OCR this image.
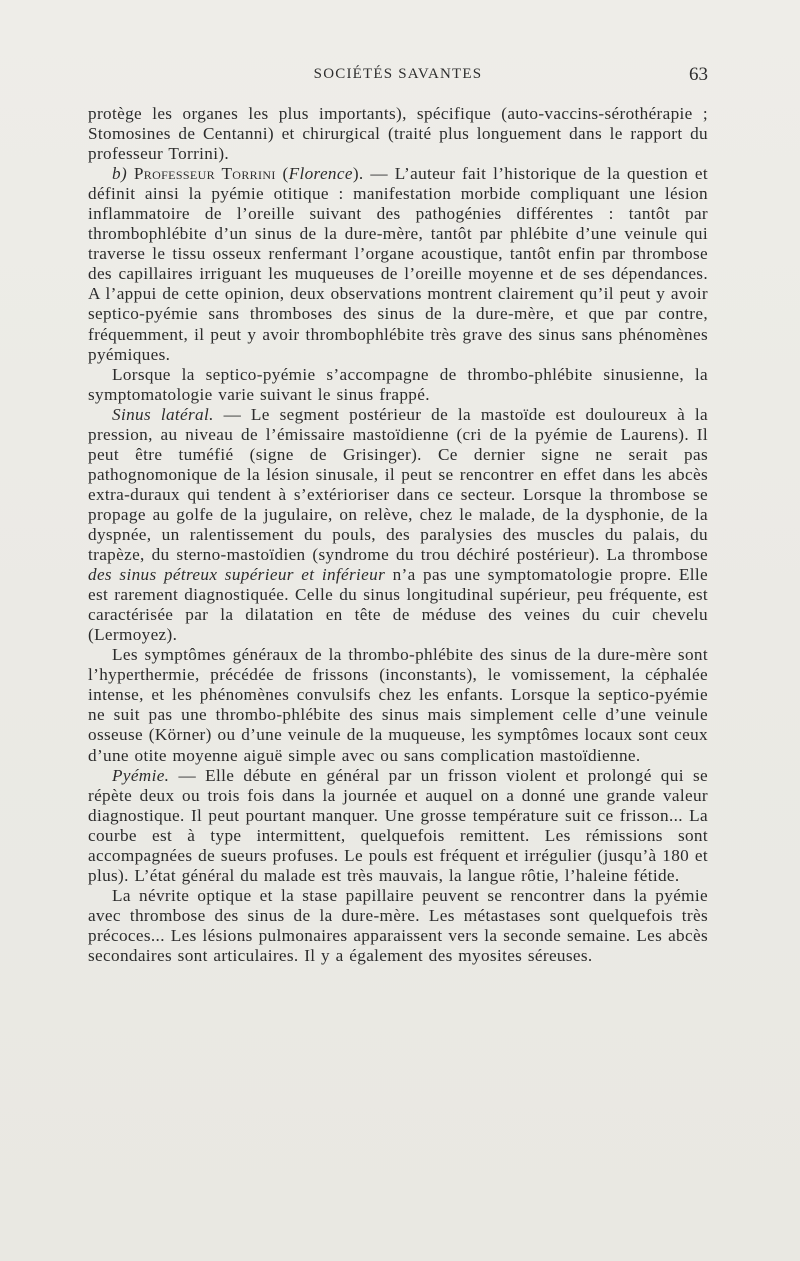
SOCIÉTÉS SAVANTES	63

protège les organes les plus importants), spécifique (auto-vaccins-sérothérapie ; Stomosines de Centanni) et chirurgical (traité plus longuement dans le rapport du professeur Torrini).

b) Professeur Torrini (Florence). — L’auteur fait l’historique de la question et définit ainsi la pyémie otitique : manifestation morbide compliquant une lésion inflammatoire de l’oreille suivant des pathogénies différentes : tantôt par thrombophlébite d’un sinus de la dure-mère, tantôt par phlébite d’une veinule qui traverse le tissu osseux renfermant l’organe acoustique, tantôt enfin par thrombose des capillaires irriguant les muqueuses de l’oreille moyenne et de ses dépendances. A l’appui de cette opinion, deux observations montrent clairement qu’il peut y avoir septico-pyémie sans thromboses des sinus de la dure-mère, et que par contre, fréquemment, il peut y avoir thrombophlébite très grave des sinus sans phénomènes pyémiques.

Lorsque la septico-pyémie s’accompagne de thrombo-phlébite sinusienne, la symptomatologie varie suivant le sinus frappé.

Sinus latéral. — Le segment postérieur de la mastoïde est douloureux à la pression, au niveau de l’émissaire mastoïdienne (cri de la pyémie de Laurens). Il peut être tuméfié (signe de Grisinger). Ce dernier signe ne serait pas pathognomonique de la lésion sinusale, il peut se rencontrer en effet dans les abcès extra-duraux qui tendent à s’extérioriser dans ce secteur. Lorsque la thrombose se propage au golfe de la jugulaire, on relève, chez le malade, de la dysphonie, de la dyspnée, un ralentissement du pouls, des paralysies des muscles du palais, du trapèze, du sterno-mastoïdien (syndrome du trou déchiré postérieur). La thrombose des sinus pétreux supérieur et inférieur n’a pas une symptomatologie propre. Elle est rarement diagnostiquée. Celle du sinus longitudinal supérieur, peu fréquente, est caractérisée par la dilatation en tête de méduse des veines du cuir chevelu (Lermoyez).

Les symptômes généraux de la thrombo-phlébite des sinus de la dure-mère sont l’hyperthermie, précédée de frissons (inconstants), le vomissement, la céphalée intense, et les phénomènes convulsifs chez les enfants. Lorsque la septico-pyémie ne suit pas une thrombo-phlébite des sinus mais simplement celle d’une veinule osseuse (Körner) ou d’une veinule de la muqueuse, les symptômes locaux sont ceux d’une otite moyenne aiguë simple avec ou sans complication mastoïdienne.

Pyémie. — Elle débute en général par un frisson violent et prolongé qui se répète deux ou trois fois dans la journée et auquel on a donné une grande valeur diagnostique. Il peut pourtant manquer. Une grosse température suit ce frisson... La courbe est à type intermittent, quelquefois remittent. Les rémissions sont accompagnées de sueurs profuses. Le pouls est fréquent et irrégulier (jusqu’à 180 et plus). L’état général du malade est très mauvais, la langue rôtie, l’haleine fétide.

La névrite optique et la stase papillaire peuvent se rencontrer dans la pyémie avec thrombose des sinus de la dure-mère. Les métastases sont quelquefois très précoces... Les lésions pulmonaires apparaissent vers la seconde semaine. Les abcès secondaires sont articulaires. Il y a également des myosites séreuses.
